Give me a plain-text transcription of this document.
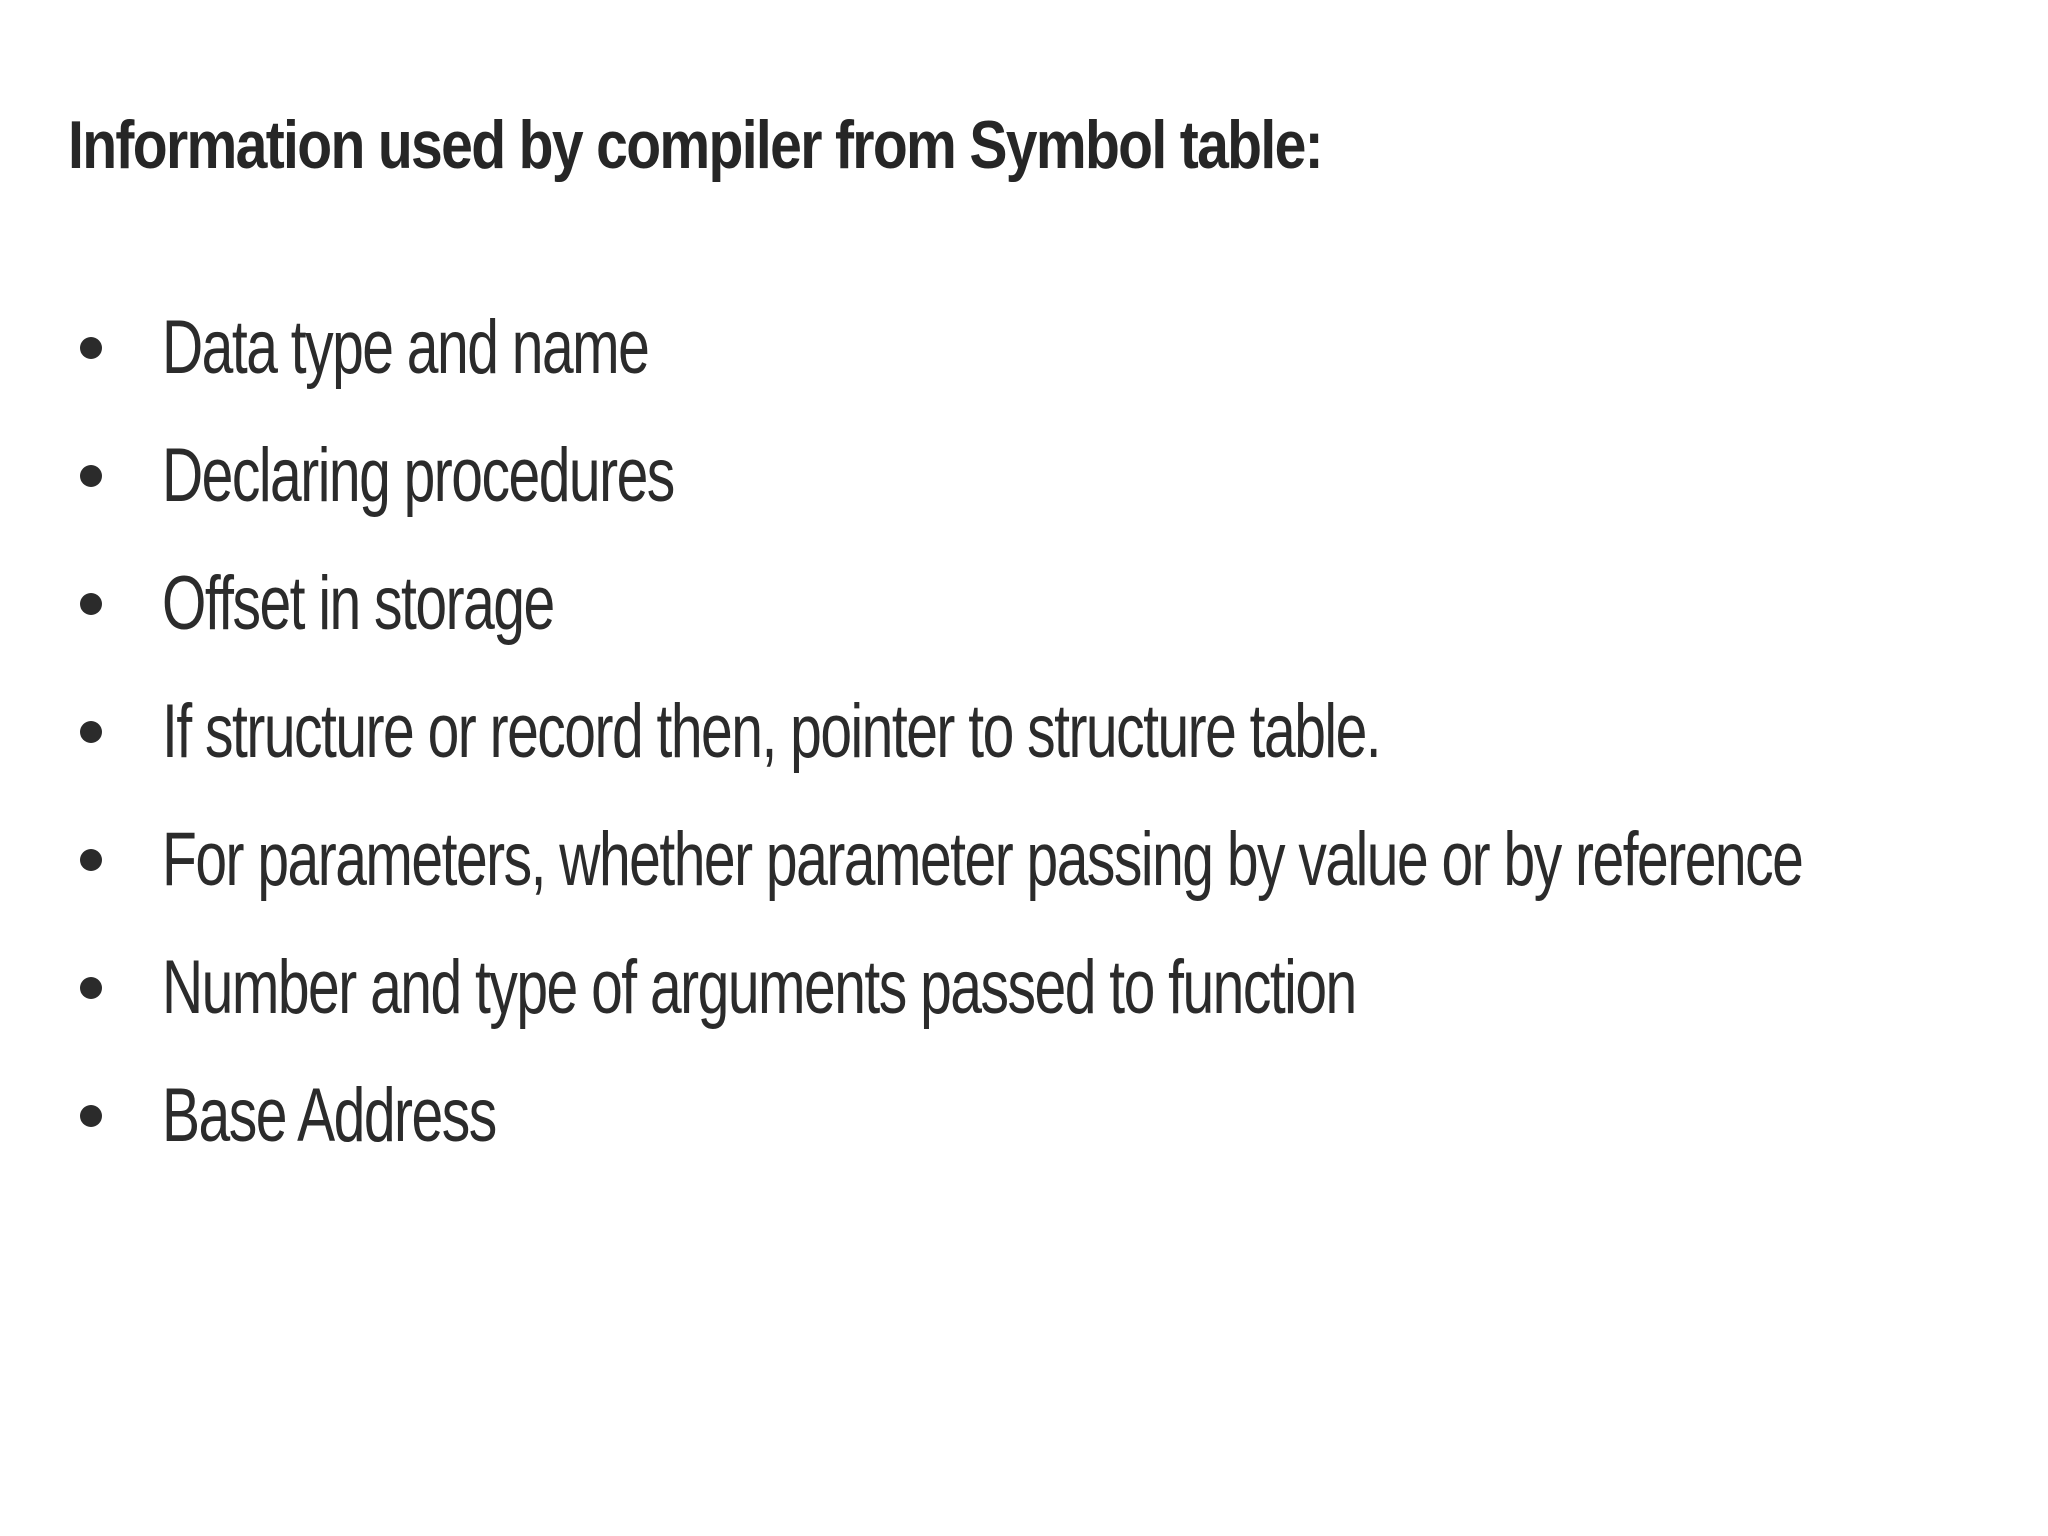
Information used by compiler from Symbol table:
Data type and name
Declaring procedures
Offset in storage
If structure or record then, pointer to structure table.
For parameters, whether parameter passing by value or by reference
Number and type of arguments passed to function
Base Address
